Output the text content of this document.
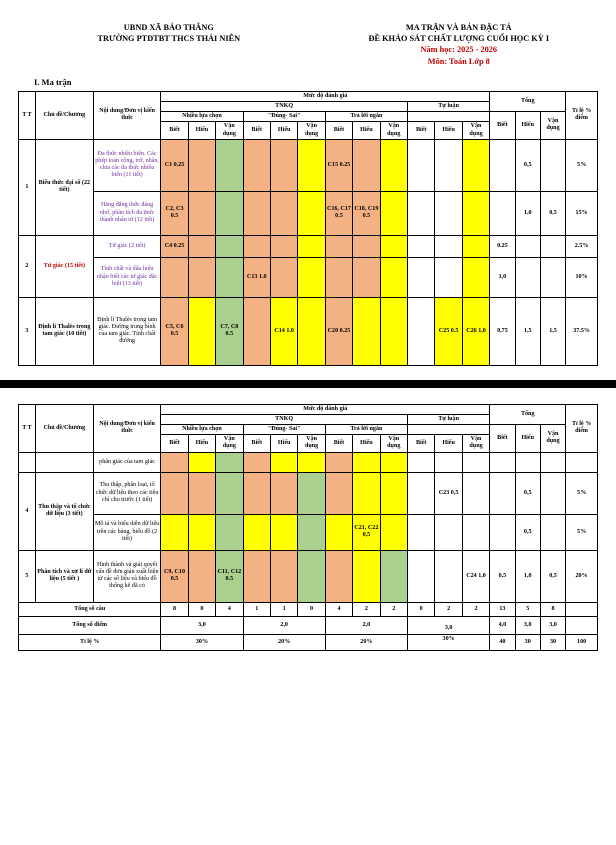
UBND XÃ BẢO THẮNG
TRƯỜNG PTDTBT THCS THÁI NIÊN
MA TRẬN VÀ BẢN ĐẶC TẢ
ĐỀ KHẢO SÁT CHẤT LƯỢNG CUỐI HỌC KỲ I
Năm học: 2025 - 2026
Môn: Toán Lớp 8
I. Ma trận
T T	Chủ đề/Chương	Nội dung/Đơn vị kiến thức	Mức độ đánh giá												Tổng			Tỉ lệ % điểm
			TNKQ									Tự luận						
			Nhiều lựa chọn			"Đúng- Sai"			Trả lời ngắn						Biết	Hiểu	Vận dụng	
			Biết	Hiểu	Vận dụng	Biết	Hiểu	Vận dụng	Biết	Hiểu	Vận dụng	Biết	Hiểu	Vận dụng				
1	Biểu thức đại số (22 tiết)	Đa thức nhiều biến. Các phép toán cộng, trừ, nhân, chia các đa thức nhiều biến (11 tiết)	C1 0.25						C15 0.25							0,5		5%
		Hằng đẳng thức đáng nhớ, phân tích đa thức thành nhân tử (12 tiết)	C2, C3 0.5						C16, C17 0.5	C18, C19 0.5						1,0	0,5	15%
2	Tứ giác (15 tiết)	Tứ giác (2 tiết)	C4 0.25												0.25			2.5%
		Tính chất và dấu hiệu nhận biết các tứ giác đặc biệt (13 tiết)				C13 1.0									1,0			10%
3	Định lí Thalès trong tam giác (10 tiết)	Định lí Thalès trong tam giác. Đường trung bình của tam giác. Tính chất đường	C5, C6 0.5		C7, C8 0.5		C14 1.0		C20 0.25				C25 0.5	C26 1,0	0,75	1,5	1,5	37.5%
T T	Chủ đề/Chương	Nội dung/Đơn vị kiến thức	Mức độ đánh giá												Tổng			Tỉ lệ % điểm
			TNKQ									Tự luận						
			Nhiều lựa chọn			"Đúng- Sai"			Trả lời ngắn						Biết	Hiểu	Vận dụng	
			Biết	Hiểu	Vận dụng	Biết	Hiểu	Vận dụng	Biết	Hiểu	Vận dụng	Biết	Hiểu	Vận dụng				
		phân giác của tam giác																
4	Thu thập và tổ chức dữ liệu (3 tiết)	Thu thập, phân loại, tổ chức dữ liệu theo các tiêu chí cho trước (1 tiết)											C23 0,5			0,5		5%
		Mô tả và biểu diễn dữ liệu trên các bảng, biểu đồ (2 tiết)								C21, C22 0,5						0,5		5%
5	Phân tích và xử lí dữ liệu (5 tiết )	Hình thành và giải quyết vấn đề đơn giản xuất hiện từ các số liệu và biểu đồ thống kê đã có	C9, C10 0.5		C11, C12 0.5									C24 1,0	0,5	1,0	0,5	20%
Tổng số câu			8	0	4	1	1	0	4	2	2	0	2	2	13	5	8	
Tổng số điểm			3,0			2,0			2,0			3,0			4,0	3,0	3,0	
Tỉ lệ %			30%			20%			20%			30%			40	30	30	100
